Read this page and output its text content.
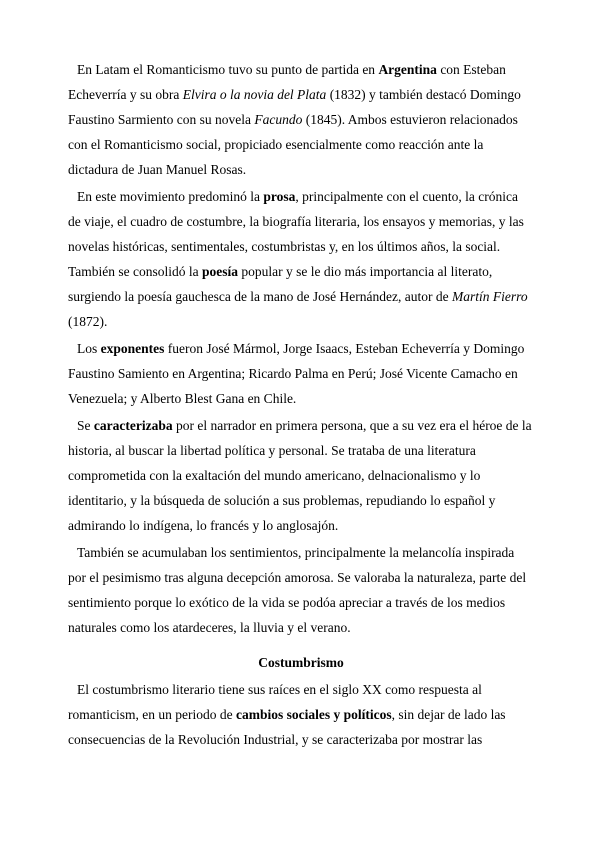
En Latam el Romanticismo tuvo su punto de partida en Argentina con Esteban Echeverría y su obra Elvira o la novia del Plata (1832) y también destacó Domingo Faustino Sarmiento con su novela Facundo (1845). Ambos estuvieron relacionados con el Romanticismo social, propiciado esencialmente como reacción ante la dictadura de Juan Manuel Rosas.

En este movimiento predominó la prosa, principalmente con el cuento, la crónica de viaje, el cuadro de costumbre, la biografía literaria, los ensayos y memorias, y las novelas históricas, sentimentales, costumbristas y, en los últimos años, la social. También se consolidó la poesía popular y se le dio más importancia al literato, surgiendo la poesía gauchesca de la mano de José Hernández, autor de Martín Fierro (1872).

Los exponentes fueron José Mármol, Jorge Isaacs, Esteban Echeverría y Domingo Faustino Samiento en Argentina; Ricardo Palma en Perú; José Vicente Camacho en Venezuela; y Alberto Blest Gana en Chile.

Se caracterizaba por el narrador en primera persona, que a su vez era el héroe de la historia, al buscar la libertad política y personal. Se trataba de una literatura comprometida con la exaltación del mundo americano, delnacionalismo y lo identitario, y la búsqueda de solución a sus problemas, repudiando lo español y admirando lo indígena, lo francés y lo anglosajón.

También se acumulaban los sentimientos, principalmente la melancolía inspirada por el pesimismo tras alguna decepción amorosa. Se valoraba la naturaleza, parte del sentimiento porque lo exótico de la vida se podóa apreciar a través de los medios naturales como los atardeceres, la lluvia y el verano.

Costumbrismo

El costumbrismo literario tiene sus raíces en el siglo XX como respuesta al romanticism, en un periodo de cambios sociales y políticos, sin dejar de lado las consecuencias de la Revolución Industrial, y se caracterizaba por mostrar las
